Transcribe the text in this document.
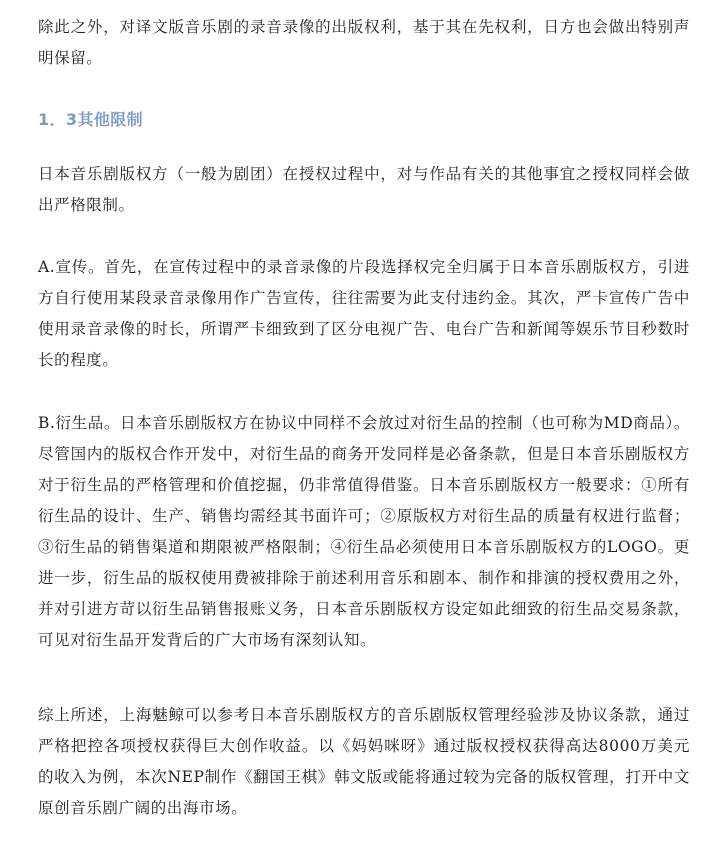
除此之外，对译文版音乐剧的录音录像的出版权利，基于其在先权利，日方也会做出特别声明保留。

1．3其他限制

日本音乐剧版权方（一般为剧团）在授权过程中，对与作品有关的其他事宜之授权同样会做出严格限制。

A.宣传。首先，在宣传过程中的录音录像的片段选择权完全归属于日本音乐剧版权方，引进方自行使用某段录音录像用作广告宣传，往往需要为此支付违约金。其次，严卡宣传广告中使用录音录像的时长，所谓严卡细致到了区分电视广告、电台广告和新闻等娱乐节目秒数时长的程度。

B.衍生品。日本音乐剧版权方在协议中同样不会放过对衍生品的控制（也可称为MD商品）。尽管国内的版权合作开发中，对衍生品的商务开发同样是必备条款，但是日本音乐剧版权方对于衍生品的严格管理和价值挖掘，仍非常值得借鉴。日本音乐剧版权方一般要求：①所有衍生品的设计、生产、销售均需经其书面许可；②原版权方对衍生品的质量有权进行监督；③衍生品的销售渠道和期限被严格限制；④衍生品必须使用日本音乐剧版权方的LOGO。更进一步，衍生品的版权使用费被排除于前述利用音乐和剧本、制作和排演的授权费用之外，并对引进方苛以衍生品销售报账义务，日本音乐剧版权方设定如此细致的衍生品交易条款，可见对衍生品开发背后的广大市场有深刻认知。

综上所述，上海魅鲸可以参考日本音乐剧版权方的音乐剧版权管理经验涉及协议条款，通过严格把控各项授权获得巨大创作收益。以《妈妈咪呀》通过版权授权获得高达8000万美元的收入为例，本次NEP制作《翻国王棋》韩文版或能将通过较为完备的版权管理，打开中文原创音乐剧广阔的出海市场。
